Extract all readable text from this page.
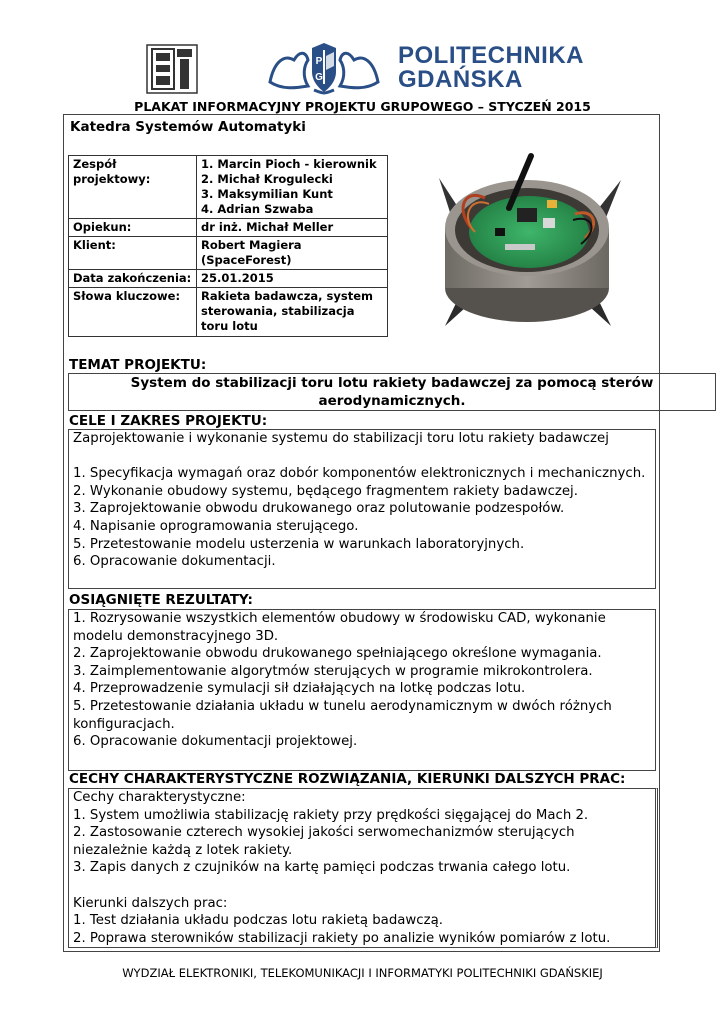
P
G
POLITECHNIKA
GDAŃSKA
PLAKAT INFORMACYJNY PROJEKTU GRUPOWEGO – STYCZEŃ 2015
Katedra Systemów Automatyki
Zespół projektowy:	1. Marcin Pioch - kierownik
2. Michał Krogulecki
3. Maksymilian Kunt
4. Adrian Szwaba

Opiekun:	dr inż. Michał Meller
Klient:	Robert Magiera (SpaceForest)
Data zakończenia:	25.01.2015
Słowa kluczowe:	Rakieta badawcza, system sterowania, stabilizacja toru lotu
TEMAT PROJEKTU:
System do stabilizacji toru lotu rakiety badawczej za pomocą sterów aerodynamicznych.
CELE I ZAKRES PROJEKTU:

Zaprojektowanie i wykonanie systemu do stabilizacji toru lotu rakiety badawczej

1. Specyfikacja wymagań oraz dobór komponentów elektronicznych i mechanicznych.

2. Wykonanie obudowy systemu, będącego fragmentem rakiety badawczej.

3. Zaprojektowanie obwodu drukowanego oraz polutowanie podzespołów.

4. Napisanie oprogramowania sterującego.

5. Przetestowanie modelu usterzenia w warunkach laboratoryjnych.

6. Opracowanie dokumentacji.

OSIĄGNIĘTE REZULTATY:

1. Rozrysowanie wszystkich elementów obudowy w środowisku CAD, wykonanie modelu demonstracyjnego 3D.

2. Zaprojektowanie obwodu drukowanego spełniającego określone wymagania.

3. Zaimplementowanie algorytmów sterujących w programie mikrokontrolera.

4. Przeprowadzenie symulacji sił działających na lotkę podczas lotu.

5. Przetestowanie działania układu w tunelu aerodynamicznym w dwóch różnych konfiguracjach.

6. Opracowanie dokumentacji projektowej.

CECHY CHARAKTERYSTYCZNE ROZWIĄZANIA, KIERUNKI DALSZYCH PRAC:

Cechy charakterystyczne:

1. System umożliwia stabilizację rakiety przy prędkości sięgającej do Mach 2.

2. Zastosowanie czterech wysokiej jakości serwomechanizmów sterujących niezależnie każdą z lotek rakiety.

3. Zapis danych z czujników na kartę pamięci podczas trwania całego lotu.

Kierunki dalszych prac:

1. Test działania układu podczas lotu rakietą badawczą.

2. Poprawa sterowników stabilizacji rakiety po analizie wyników pomiarów z lotu.

WYDZIAŁ ELEKTRONIKI, TELEKOMUNIKACJI I INFORMATYKI POLITECHNIKI GDAŃSKIEJ
